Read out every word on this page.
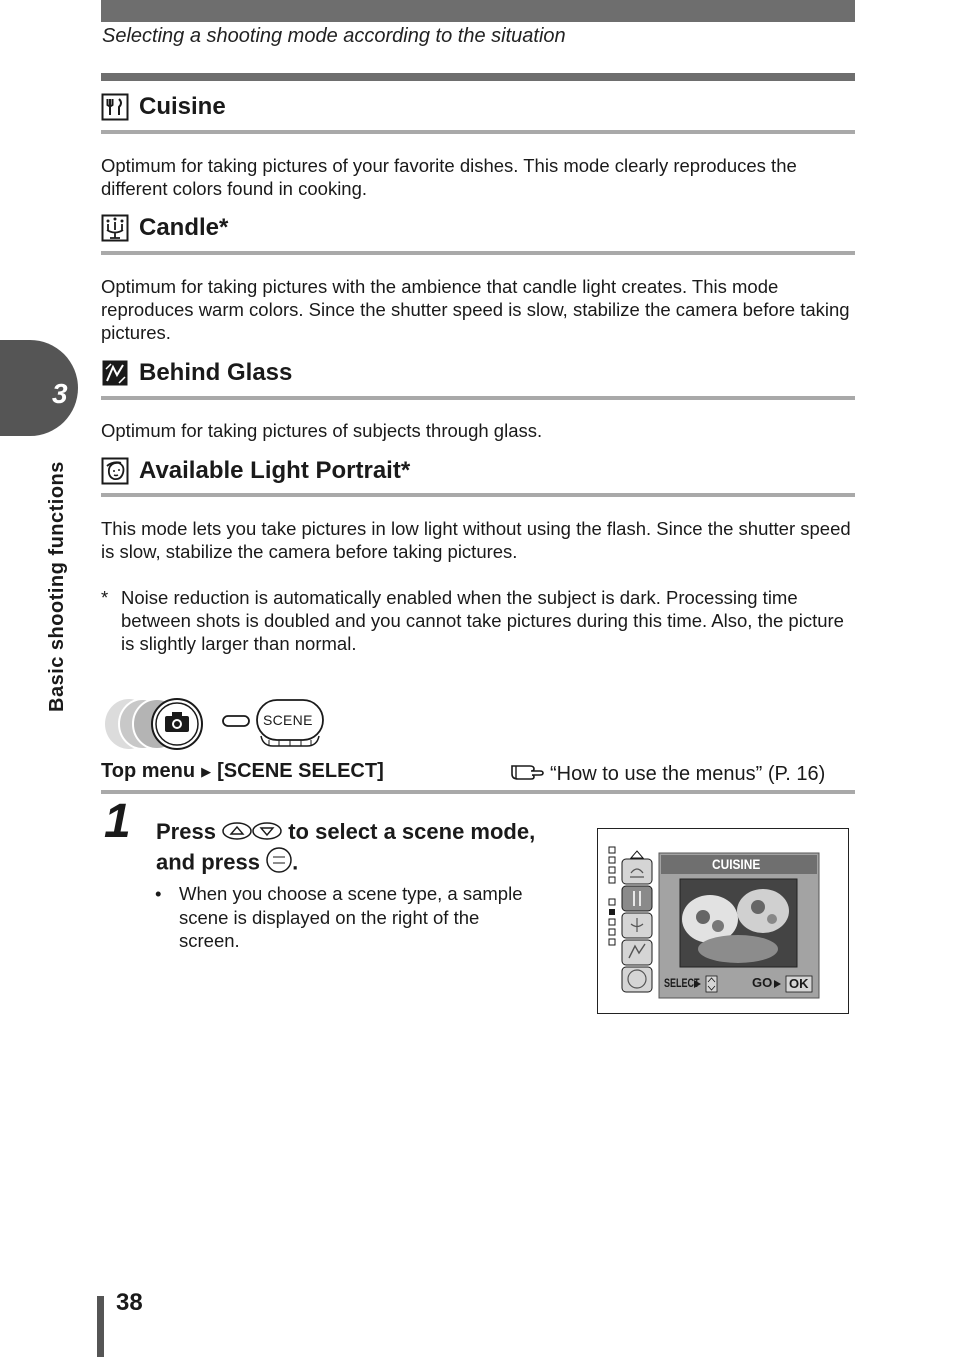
Selecting a shooting mode according to the situation
3
Basic shooting functions
Cuisine
Optimum for taking pictures of your favorite dishes. This mode clearly reproduces the different colors found in cooking.
Candle*
Optimum for taking pictures with the ambience that candle light creates. This mode reproduces warm colors. Since the shutter speed is slow, stabilize the camera before taking pictures.
Behind Glass
Optimum for taking pictures of subjects through glass.
Available Light Portrait*
This mode lets you take pictures in low light without using the flash. Since the shutter speed is slow, stabilize the camera before taking pictures.
* Noise reduction is automatically enabled when the subject is dark. Processing time between shots is doubled and you cannot take pictures during this time. Also, the picture is slightly larger than normal.
SCENE
Top menu ▶ [SCENE SELECT]	“How to use the menus” (P. 16)
1 Press	to select a scene mode,
and press .
• When you choose a scene type, a sample scene is displayed on the right of the screen.
CUISINE
SELECT	GO OK
38
